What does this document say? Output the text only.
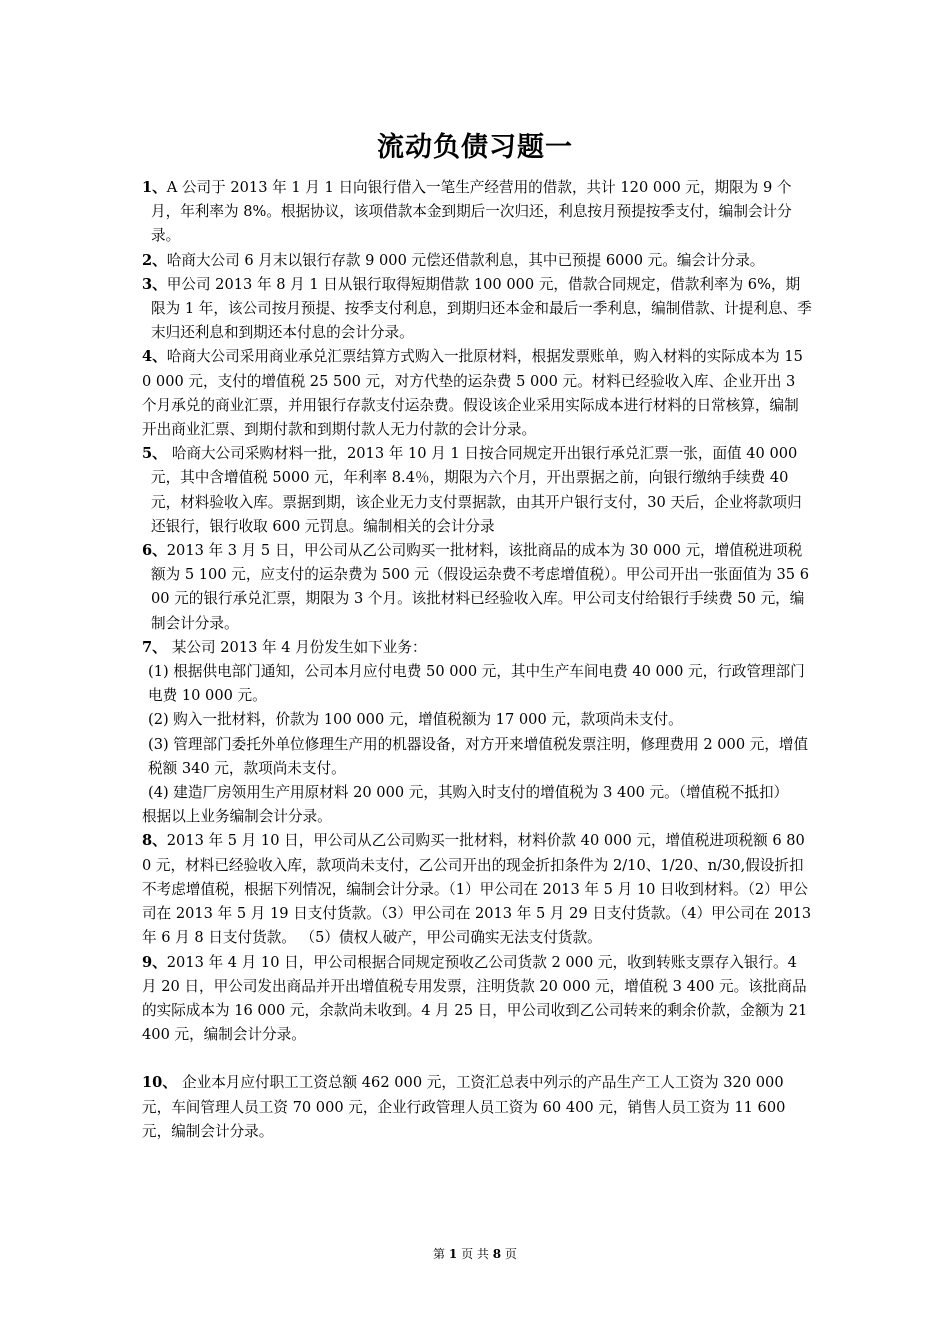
流动负债习题一

1、A 公司于 2013 年 1 月 1 日向银行借入一笔生产经营用的借款，共计 120 000 元，期限为 9 个月，年利率为 8%。根据协议，该项借款本金到期后一次归还，利息按月预提按季支付，编制会计分录。

2、哈商大公司 6 月末以银行存款 9 000 元偿还借款利息，其中已预提 6000 元。编会计分录。

3、甲公司 2013 年 8 月 1 日从银行取得短期借款 100 000 元，借款合同规定，借款利率为 6%，期限为 1 年，该公司按月预提、按季支付利息，到期归还本金和最后一季利息，编制借款、计提利息、季末归还利息和到期还本付息的会计分录。

4、哈商大公司采用商业承兑汇票结算方式购入一批原材料，根据发票账单，购入材料的实际成本为 150 000 元，支付的增值税 25 500 元，对方代垫的运杂费 5 000 元。材料已经验收入库、企业开出 3 个月承兑的商业汇票，并用银行存款支付运杂费。假设该企业采用实际成本进行材料的日常核算，编制开出商业汇票、到期付款和到期付款人无力付款的会计分录。

5、 哈商大公司采购材料一批，2013 年 10 月 1 日按合同规定开出银行承兑汇票一张，面值 40 000 元，其中含增值税 5000 元，年利率 8.4％，期限为六个月，开出票据之前，向银行缴纳手续费 40 元，材料验收入库。票据到期，该企业无力支付票据款，由其开户银行支付，30 天后，企业将款项归还银行，银行收取 600 元罚息。编制相关的会计分录

6、2013 年 3 月 5 日，甲公司从乙公司购买一批材料，该批商品的成本为 30 000 元，增值税进项税额为 5 100 元，应支付的运杂费为 500 元（假设运杂费不考虑增值税）。甲公司开出一张面值为 35 600 元的银行承兑汇票，期限为 3 个月。该批材料已经验收入库。甲公司支付给银行手续费 50 元，编制会计分录。

7、 某公司 2013 年 4 月份发生如下业务：

(1) 根据供电部门通知，公司本月应付电费 50 000 元，其中生产车间电费 40 000 元，行政管理部门电费 10 000 元。

(2) 购入一批材料，价款为 100 000 元，增值税额为 17 000 元，款项尚未支付。

(3) 管理部门委托外单位修理生产用的机器设备，对方开来增值税发票注明，修理费用 2 000 元，增值税额 340 元，款项尚未支付。

(4) 建造厂房领用生产用原材料 20 000 元，其购入时支付的增值税为 3 400 元。（增值税不抵扣）

根据以上业务编制会计分录。

8、2013 年 5 月 10 日，甲公司从乙公司购买一批材料，材料价款 40 000 元，增值税进项税额 6 800 元，材料已经验收入库，款项尚未支付，乙公司开出的现金折扣条件为 2/10、1/20、n/30,假设折扣不考虑增值税，根据下列情况，编制会计分录。（1）甲公司在 2013 年 5 月 10 日收到材料。（2）甲公司在 2013 年 5 月 19 日支付货款。（3）甲公司在 2013 年 5 月 29 日支付货款。（4）甲公司在 2013 年 6 月 8 日支付货款。 （5）债权人破产，甲公司确实无法支付货款。

9、2013 年 4 月 10 日，甲公司根据合同规定预收乙公司货款 2 000 元，收到转账支票存入银行。4 月 20 日，甲公司发出商品并开出增值税专用发票，注明货款 20 000 元，增值税 3 400 元。该批商品的实际成本为 16 000 元，余款尚未收到。4 月 25 日，甲公司收到乙公司转来的剩余价款，金额为 21 400 元，编制会计分录。

10、 企业本月应付职工工资总额 462 000 元，工资汇总表中列示的产品生产工人工资为 320 000 元，车间管理人员工资 70 000 元，企业行政管理人员工资为 60 400 元，销售人员工资为 11 600 元，编制会计分录。

第 1 页 共 8 页
